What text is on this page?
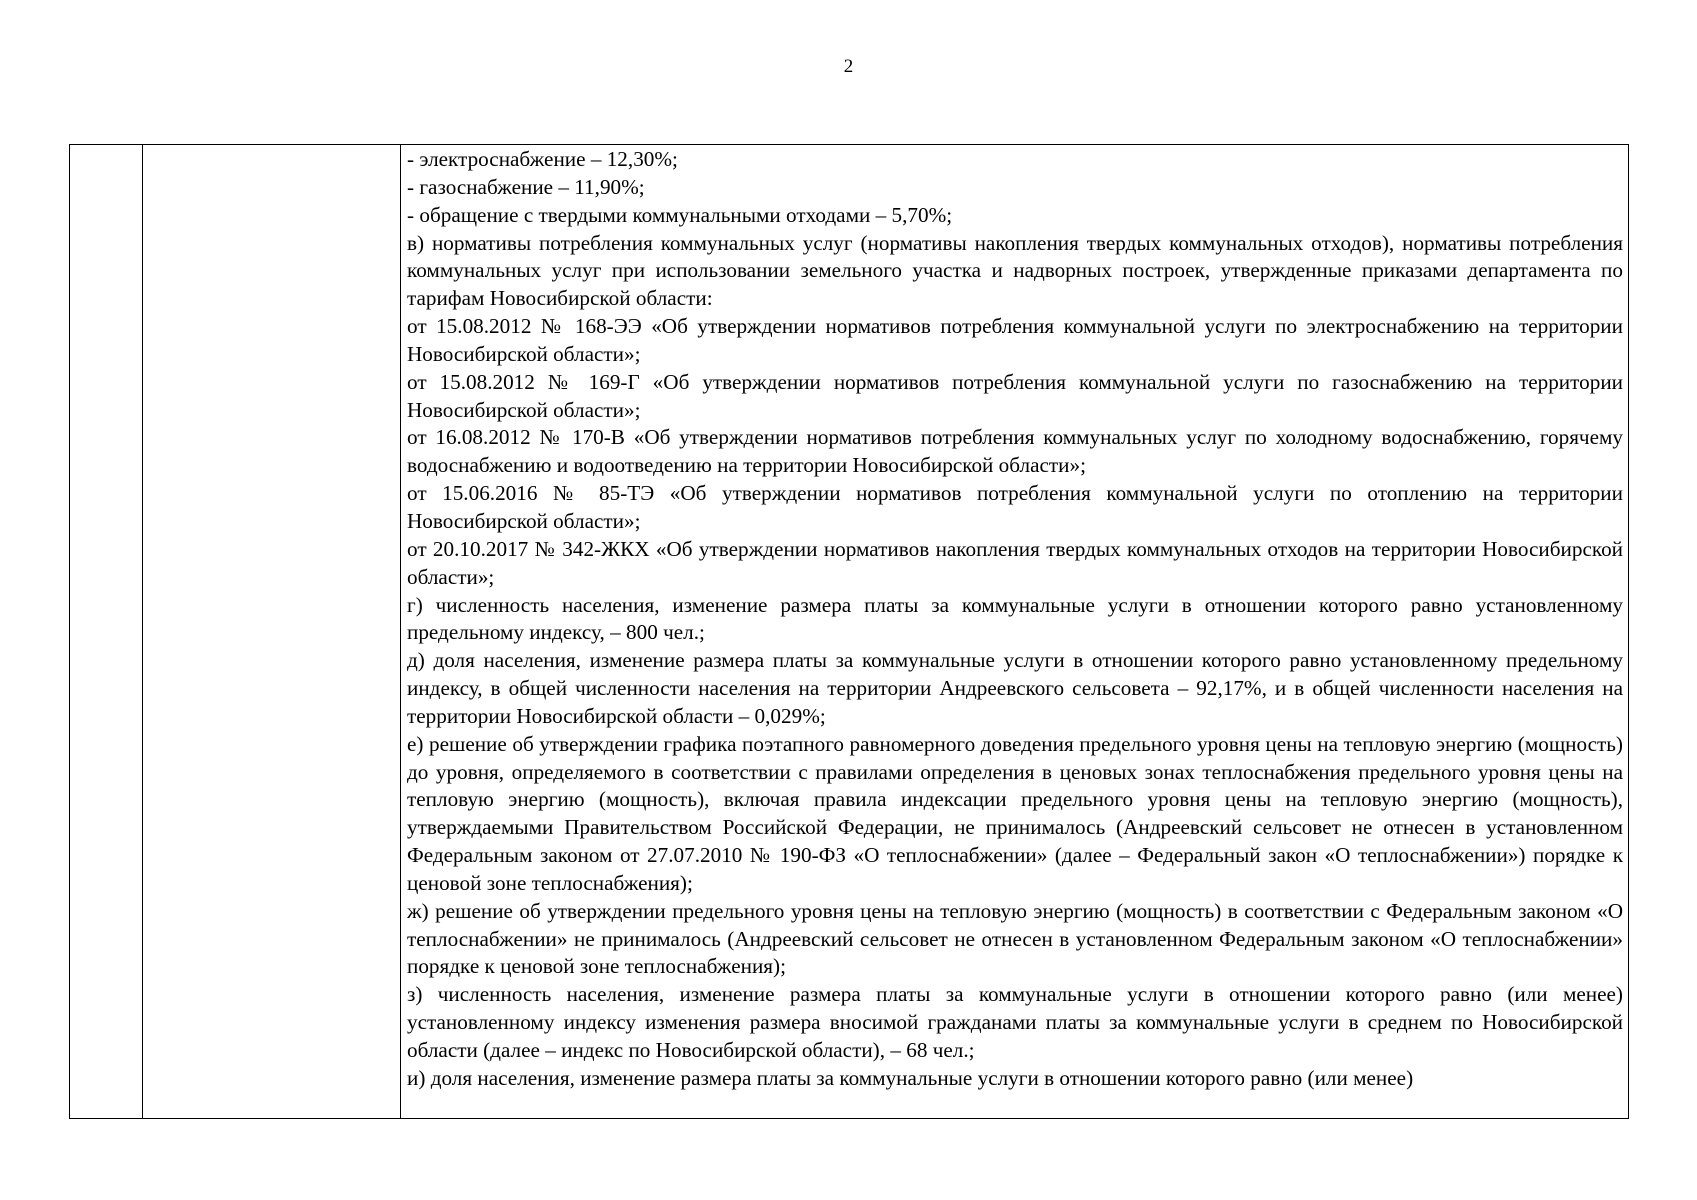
2

- электроснабжение – 12,30%;

- газоснабжение – 11,90%;

- обращение с твердыми коммунальными отходами – 5,70%;

в) нормативы потребления коммунальных услуг (нормативы накопления твердых коммунальных отходов), нормативы потребления коммунальных услуг при использовании земельного участка и надворных построек, утвержденные приказами департамента по тарифам Новосибирской области:

от 15.08.2012 № 168-ЭЭ «Об утверждении нормативов потребления коммунальной услуги по электроснабжению на территории Новосибирской области»;

от 15.08.2012 № 169-Г «Об утверждении нормативов потребления коммунальной услуги по газоснабжению на территории Новосибирской области»;

от 16.08.2012 № 170-В «Об утверждении нормативов потребления коммунальных услуг по холодному водоснабжению, горячему водоснабжению и водоотведению на территории Новосибирской области»;

от 15.06.2016 № 85-ТЭ «Об утверждении нормативов потребления коммунальной услуги по отоплению на территории Новосибирской области»;

от 20.10.2017 № 342-ЖКХ «Об утверждении нормативов накопления твердых коммунальных отходов на территории Новосибирской области»;

г) численность населения, изменение размера платы за коммунальные услуги в отношении которого равно установленному предельному индексу, – 800 чел.;

д) доля населения, изменение размера платы за коммунальные услуги в отношении которого равно установленному предельному индексу, в общей численности населения на территории Андреевского сельсовета – 92,17%, и в общей численности населения на территории Новосибирской области – 0,029%;

е) решение об утверждении графика поэтапного равномерного доведения предельного уровня цены на тепловую энергию (мощность) до уровня, определяемого в соответствии с правилами определения в ценовых зонах теплоснабжения предельного уровня цены на тепловую энергию (мощность), включая правила индексации предельного уровня цены на тепловую энергию (мощность), утверждаемыми Правительством Российской Федерации, не принималось (Андреевский сельсовет не отнесен в установленном Федеральным законом от 27.07.2010 № 190-ФЗ «О теплоснабжении» (далее – Федеральный закон «О теплоснабжении») порядке к ценовой зоне теплоснабжения);

ж) решение об утверждении предельного уровня цены на тепловую энергию (мощность) в соответствии с Федеральным законом «О теплоснабжении» не принималось (Андреевский сельсовет не отнесен в установленном Федеральным законом «О теплоснабжении» порядке к ценовой зоне теплоснабжения);

з) численность населения, изменение размера платы за коммунальные услуги в отношении которого равно (или менее) установленному индексу изменения размера вносимой гражданами платы за коммунальные услуги в среднем по Новосибирской области (далее – индекс по Новосибирской области), – 68 чел.;

и) доля населения, изменение размера платы за коммунальные услуги в отношении которого равно (или менее)
